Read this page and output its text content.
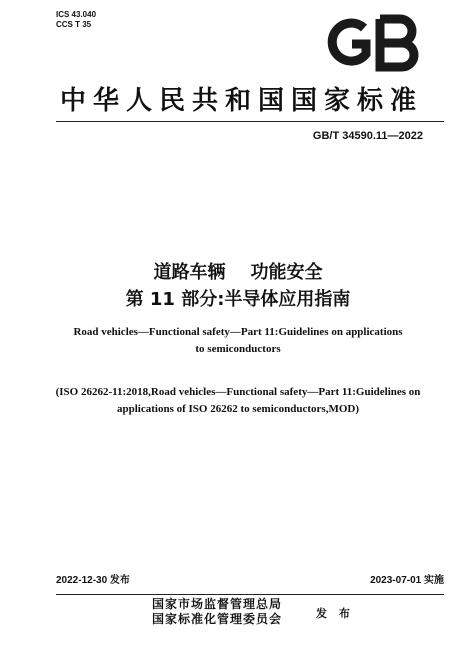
ICS 43.040
CCS T 35
中华人民共和国国家标准
GB/T 34590.11—2022
道路车辆    功能安全
第 11 部分:半导体应用指南
Road vehicles—Functional safety—Part 11:Guidelines on applications
to semiconductors
(ISO 26262-11:2018,Road vehicles—Functional safety—Part 11:Guidelines on
applications of ISO 26262 to semiconductors,MOD)
2022-12-30 发布	2023-07-01 实施
国家市场监督管理总局
国家标准化管理委员会	发 布
